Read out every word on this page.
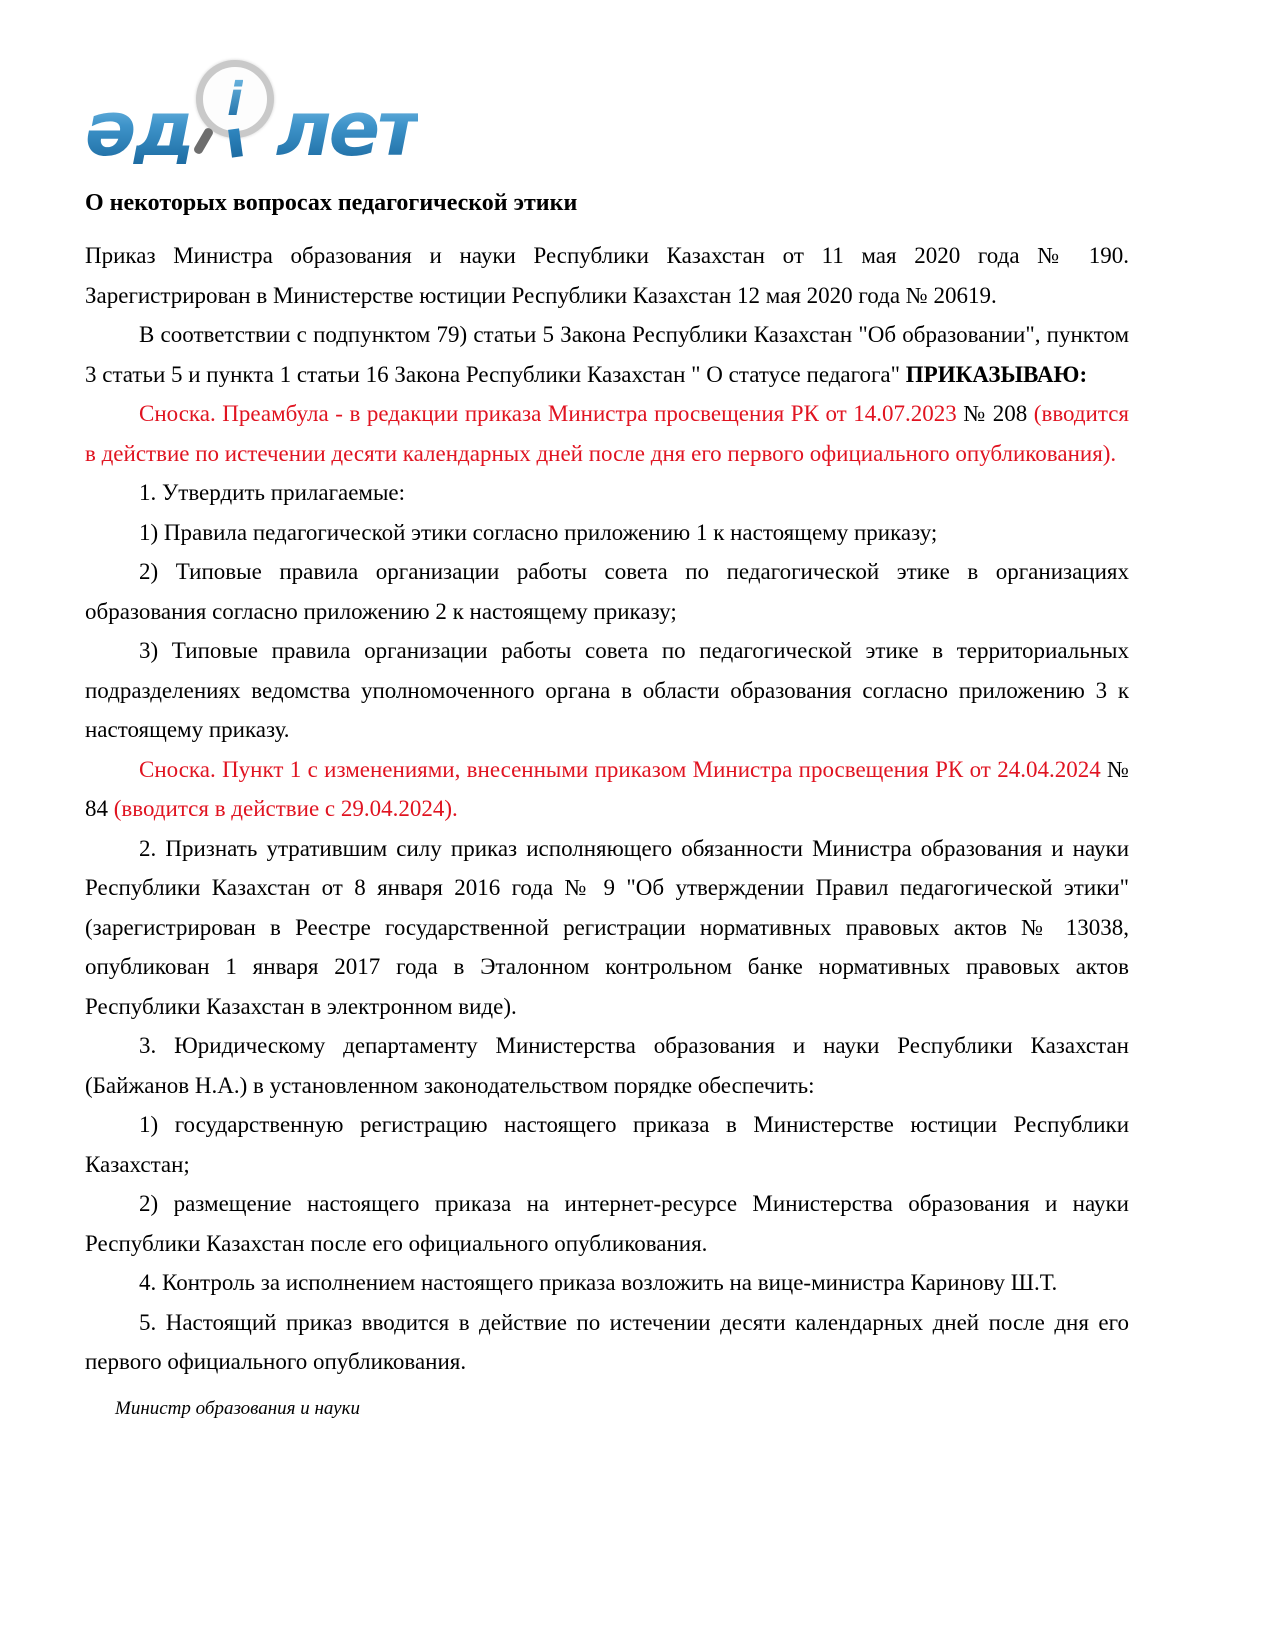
әд і лет
О некоторых вопросах педагогической этики

Приказ Министра образования и науки Республики Казахстан от 11 мая 2020 года № 190. Зарегистрирован в Министерстве юстиции Республики Казахстан 12 мая 2020 года № 20619.

В соответствии с подпунктом 79) статьи 5 Закона Республики Казахстан "Об образовании", пунктом 3 статьи 5 и пункта 1 статьи 16 Закона Республики Казахстан " О статусе педагога" ПРИКАЗЫВАЮ:

Сноска. Преамбула - в редакции приказа Министра просвещения РК от 14.07.2023 № 208 (вводится в действие по истечении десяти календарных дней после дня его первого официального опубликования).

1. Утвердить прилагаемые:

1) Правила педагогической этики согласно приложению 1 к настоящему приказу;

2) Типовые правила организации работы совета по педагогической этике в организациях образования согласно приложению 2 к настоящему приказу;

3) Типовые правила организации работы совета по педагогической этике в территориальных подразделениях ведомства уполномоченного органа в области образования согласно приложению 3 к настоящему приказу.

Сноска. Пункт 1 с изменениями, внесенными приказом Министра просвещения РК от 24.04.2024 № 84 (вводится в действие с 29.04.2024).

2. Признать утратившим силу приказ исполняющего обязанности Министра образования и науки Республики Казахстан от 8 января 2016 года № 9 "Об утверждении Правил педагогической этики" (зарегистрирован в Реестре государственной регистрации нормативных правовых актов № 13038, опубликован 1 января 2017 года в Эталонном контрольном банке нормативных правовых актов Республики Казахстан в электронном виде).

3. Юридическому департаменту Министерства образования и науки Республики Казахстан (Байжанов Н.А.) в установленном законодательством порядке обеспечить:

1) государственную регистрацию настоящего приказа в Министерстве юстиции Республики Казахстан;

2) размещение настоящего приказа на интернет-ресурсе Министерства образования и науки Республики Казахстан после его официального опубликования.

4. Контроль за исполнением настоящего приказа возложить на вице-министра Каринову Ш.Т.

5. Настоящий приказ вводится в действие по истечении десяти календарных дней после дня его первого официального опубликования.

Министр образования и науки
